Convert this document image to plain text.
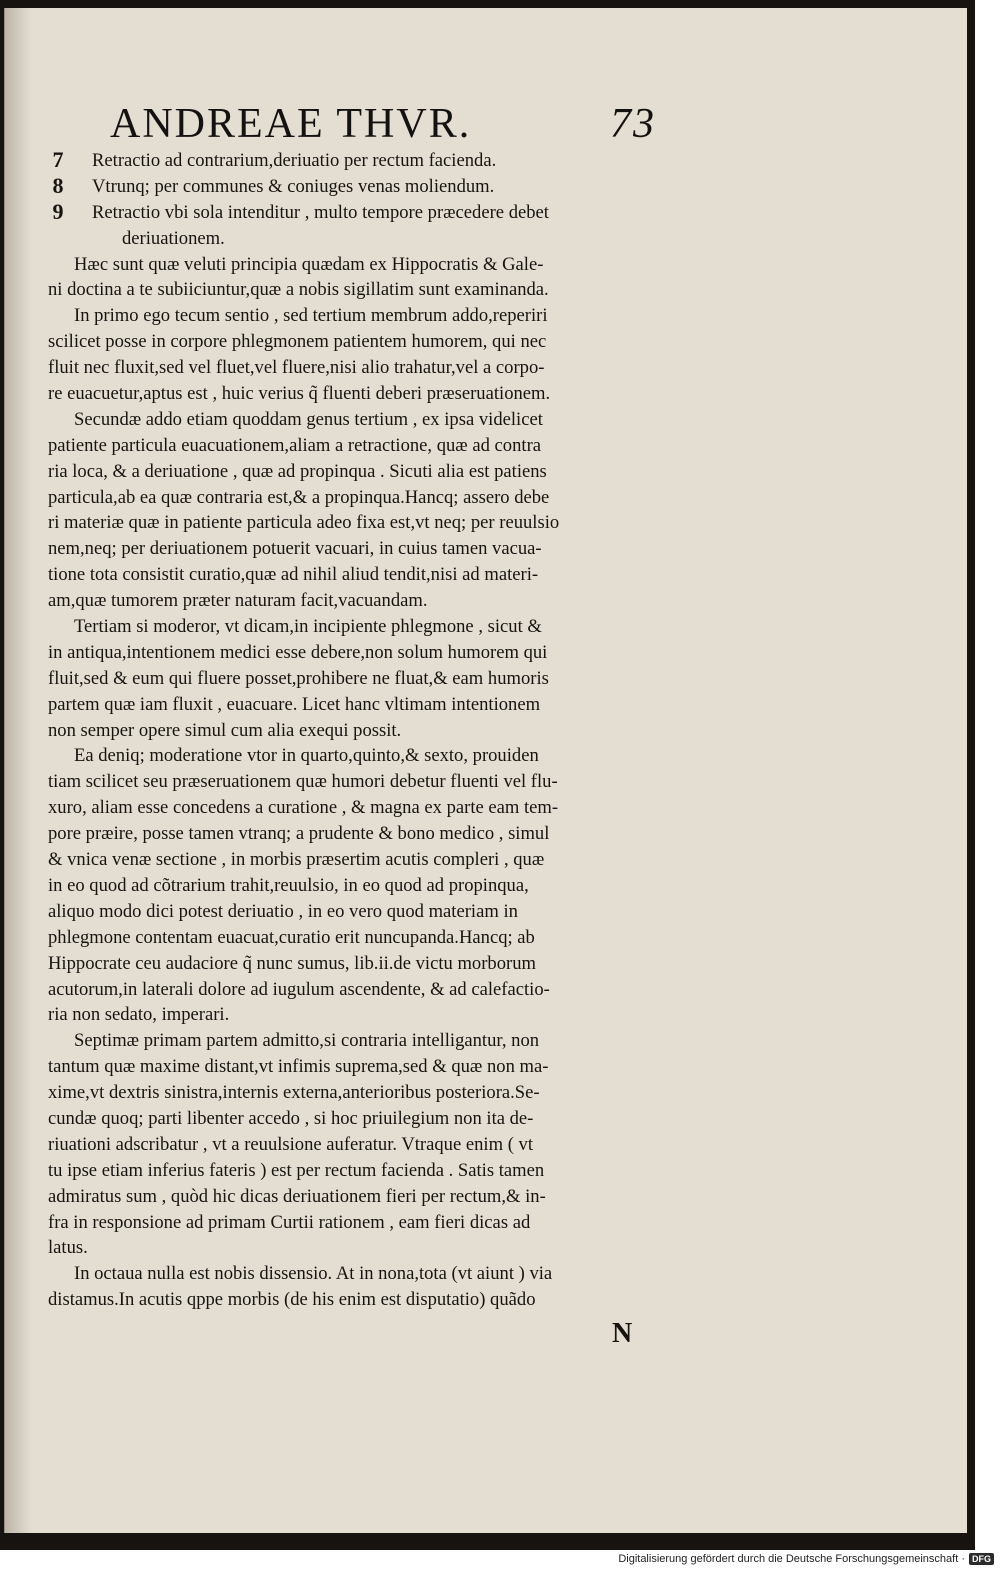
ANDREAE THVR.	73
7 Retractio ad contrarium,deriuatio per rectum facienda.
8 Vtrunq; per communes & coniuges venas moliendum.
9 Retractio vbi sola intenditur , multo tempore præcedere debet
deriuationem.
Hæc sunt quæ veluti principia quædam ex Hippocratis & Gale-
ni doctina a te subiiciuntur,quæ a nobis sigillatim sunt examinanda.
In primo ego tecum sentio , sed tertium membrum addo,reperiri
scilicet posse in corpore phlegmonem patientem humorem, qui nec
fluit nec fluxit,sed vel fluet,vel fluere,nisi alio trahatur,vel a corpo-
re euacuetur,aptus est , huic verius q̃ fluenti deberi præseruationem.
Secundæ addo etiam quoddam genus tertium , ex ipsa videlicet
patiente particula euacuationem,aliam a retractione, quæ ad contra
ria loca, & a deriuatione , quæ ad propinqua . Sicuti alia est patiens
particula,ab ea quæ contraria est,& a propinqua.Hancq; assero debe
ri materiæ quæ in patiente particula adeo fixa est,vt neq; per reuulsio
nem,neq; per deriuationem potuerit vacuari, in cuius tamen vacua-
tione tota consistit curatio,quæ ad nihil aliud tendit,nisi ad materi-
am,quæ tumorem præter naturam facit,vacuandam.
Tertiam si moderor, vt dicam,in incipiente phlegmone , sicut &
in antiqua,intentionem medici esse debere,non solum humorem qui
fluit,sed & eum qui fluere posset,prohibere ne fluat,& eam humoris
partem quæ iam fluxit , euacuare. Licet hanc vltimam intentionem
non semper opere simul cum alia exequi possit.
Ea deniq; moderatione vtor in quarto,quinto,& sexto, prouiden
tiam scilicet seu præseruationem quæ humori debetur fluenti vel flu-
xuro, aliam esse concedens a curatione , & magna ex parte eam tem-
pore præire, posse tamen vtranq; a prudente & bono medico , simul
& vnica venæ sectione , in morbis præsertim acutis compleri , quæ
in eo quod ad cõtrarium trahit,reuulsio, in eo quod ad propinqua,
aliquo modo dici potest deriuatio , in eo vero quod materiam in
phlegmone contentam euacuat,curatio erit nuncupanda.Hancq; ab
Hippocrate ceu audaciore q̃ nunc sumus, lib.ii.de victu morborum
acutorum,in laterali dolore ad iugulum ascendente, & ad calefactio-
ria non sedato, imperari.
Septimæ primam partem admitto,si contraria intelligantur, non
tantum quæ maxime distant,vt infimis suprema,sed & quæ non ma-
xime,vt dextris sinistra,internis externa,anterioribus posteriora.Se-
cundæ quoq; parti libenter accedo , si hoc priuilegium non ita de-
riuationi adscribatur , vt a reuulsione auferatur. Vtraque enim ( vt
tu ipse etiam inferius fateris ) est per rectum facienda . Satis tamen
admiratus sum , quòd hic dicas deriuationem fieri per rectum,& in-
fra in responsione ad primam Curtii rationem , eam fieri dicas ad
latus.
In octaua nulla est nobis dissensio. At in nona,tota (vt aiunt ) via
distamus.In acutis qppe morbis (de his enim est disputatio) quãdo
N
Digitalisierung gefördert durch die Deutsche Forschungsgemeinschaft · DFG
